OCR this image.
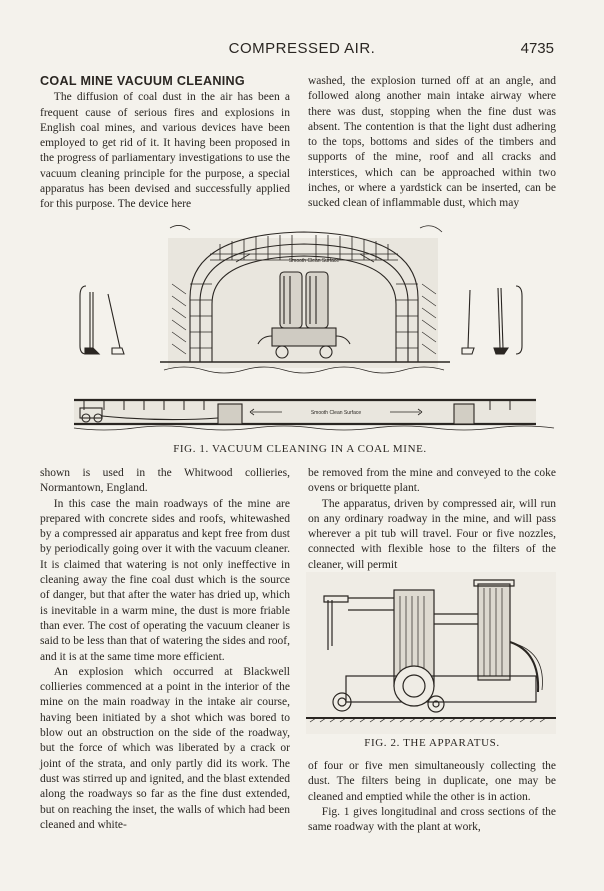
COMPRESSED AIR.	4735
COAL MINE VACUUM CLEANING

The diffusion of coal dust in the air has been a frequent cause of serious fires and explosions in English coal mines, and various devices have been employed to get rid of it. It having been proposed in the progress of parliamentary investigations to use the vacuum cleaning principle for the purpose, a special apparatus has been devised and successfully applied for this purpose. The device here

washed, the explosion turned off at an angle, and followed along another main intake airway where there was dust, stopping when the fine dust was absent. The contention is that the light dust adhering to the tops, bottoms and sides of the timbers and supports of the mine, roof and all cracks and interstices, which can be approached within two inches, or where a yardstick can be inserted, can be sucked clean of inflammable dust, which may

Smooth Clean Surface
Smooth Clean Surface
FIG. 1. VACUUM CLEANING IN A COAL MINE.

shown is used in the Whitwood collieries, Normantown, England.

In this case the main roadways of the mine are prepared with concrete sides and roofs, whitewashed by a compressed air apparatus and kept free from dust by periodically going over it with the vacuum cleaner. It is claimed that watering is not only ineffective in cleaning away the fine coal dust which is the source of danger, but that after the water has dried up, which is inevitable in a warm mine, the dust is more friable than ever. The cost of operating the vacuum cleaner is said to be less than that of watering the sides and roof, and it is at the same time more efficient.

An explosion which occurred at Blackwell collieries commenced at a point in the interior of the mine on the main roadway in the intake air course, having been initiated by a shot which was bored to blow out an obstruction on the side of the roadway, but the force of which was liberated by a crack or joint of the strata, and only partly did its work. The dust was stirred up and ignited, and the blast extended along the roadways so far as the fine dust extended, but on reaching the inset, the walls of which had been cleaned and white-

be removed from the mine and conveyed to the coke ovens or briquette plant.

The apparatus, driven by compressed air, will run on any ordinary roadway in the mine, and will pass wherever a pit tub will travel. Four or five nozzles, connected with flexible hose to the filters of the cleaner, will permit

FIG. 2. THE APPARATUS.

of four or five men simultaneously collecting the dust. The filters being in duplicate, one may be cleaned and emptied while the other is in action.

Fig. 1 gives longitudinal and cross sections of the same roadway with the plant at work,
